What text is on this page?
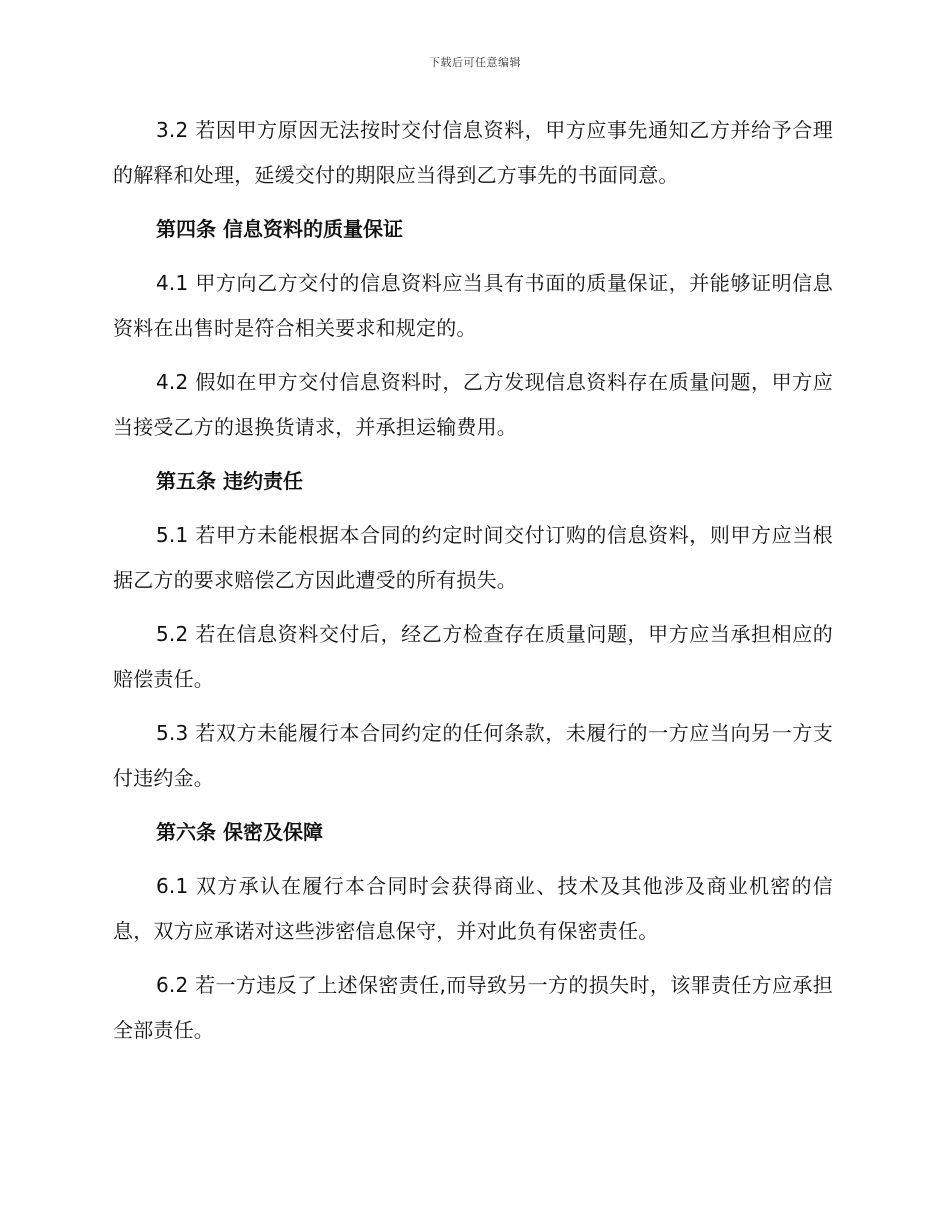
下载后可任意编辑

3.2 若因甲方原因无法按时交付信息资料，甲方应事先通知乙方并给予合理的解释和处理，延缓交付的期限应当得到乙方事先的书面同意。

第四条 信息资料的质量保证

4.1 甲方向乙方交付的信息资料应当具有书面的质量保证，并能够证明信息资料在出售时是符合相关要求和规定的。

4.2 假如在甲方交付信息资料时，乙方发现信息资料存在质量问题，甲方应当接受乙方的退换货请求，并承担运输费用。

第五条 违约责任

5.1 若甲方未能根据本合同的约定时间交付订购的信息资料，则甲方应当根据乙方的要求赔偿乙方因此遭受的所有损失。

5.2 若在信息资料交付后，经乙方检查存在质量问题，甲方应当承担相应的赔偿责任。

5.3 若双方未能履行本合同约定的任何条款，未履行的一方应当向另一方支付违约金。

第六条 保密及保障

6.1 双方承认在履行本合同时会获得商业、技术及其他涉及商业机密的信息，双方应承诺对这些涉密信息保守，并对此负有保密责任。

6.2 若一方违反了上述保密责任,而导致另一方的损失时，该罪责任方应承担全部责任。
